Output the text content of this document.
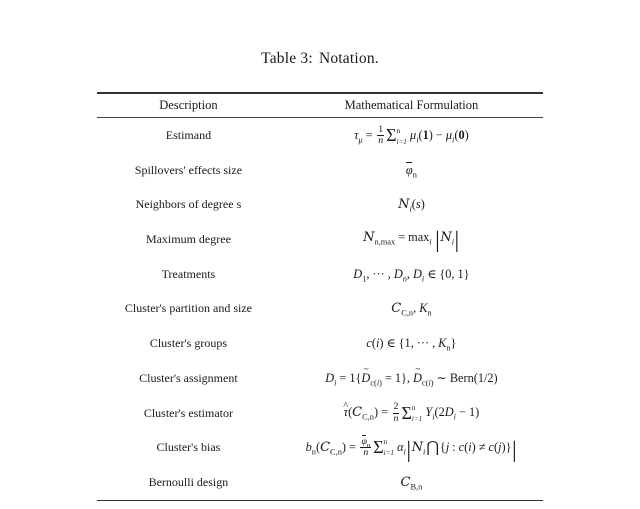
Table 3: Notation.
Description	Mathematical Formulation
Estimand	$\tau_\mu = \frac{1}{n}$ Σ n
i=1 $\mu_i(1) - \mu_i(0)$
Spillovers' effects size	$\varphi_n$
Neighbors of degree s	$N_i(s)$
Maximum degree	$N_{n,max} = \max_i |N_i|$
Treatments	$D_1$, ··· , $D_n$, $D_i$ ∈ {0, 1}
Cluster's partition and size	$C_{C,n}$, $K_n$
Cluster's groups	c(i) ∈ {1, ··· , $K_n$}
Cluster's assignment	$D_i$ = 1{~ $D_{c(i)} = 1$}, ~ $D_{c(i)}$ ∼ Bern(1/2)
Cluster's estimator	$\^{}\tau(C_{C,n}) = \frac{2}{n}$ Σ n
i=1 $Y_i(2D_i - 1)$
Cluster's bias	$b_n(C_{C,n}) = \frac{\varphi_n}{n}$ Σ n
i=1 $\alpha_i|N_i⋂\{j$ : c(i) ≠ c(j)}|
Bernoulli design	$C_{B,n}$
